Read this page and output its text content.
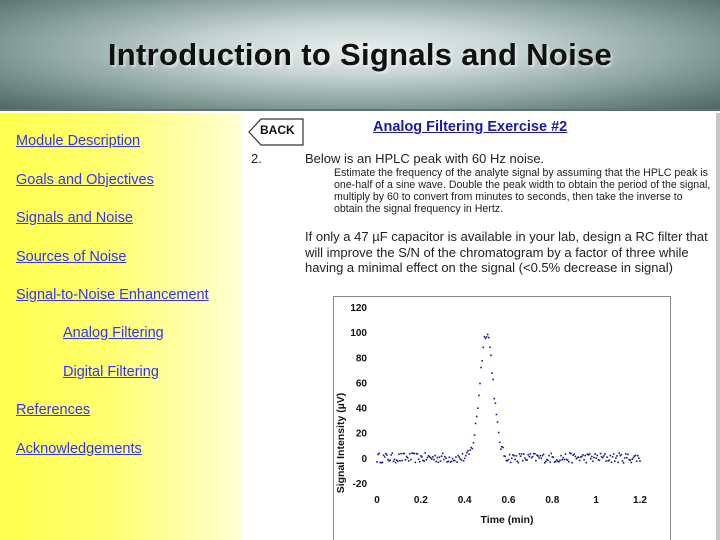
Introduction to Signals and Noise
Module Description
Goals and Objectives
Signals and Noise
Sources of Noise
Signal-to-Noise Enhancement
Analog Filtering
Digital Filtering
References
Acknowledgements
BACK	Analog Filtering Exercise #2
2.	Below is an HPLC peak with 60 Hz noise.
Estimate the frequency of the analyte signal by assuming that the HPLC peak is one-half of a sine wave. Double the peak width to obtain the period of the signal, multiply by 60 to convert from minutes to seconds, then take the inverse to obtain the signal frequency in Hertz.
If only a 47 µF capacitor is available in your lab, design a RC filter that will improve the S/N of the chromatogram by a factor of three while having a minimal effect on the signal (<0.5% decrease in signal)
Signal Intensity (µV)
Time (min)
120
100
80
60
40
20
0
-20
0	0.2	0.4	0.6	0.8	1	1.2
